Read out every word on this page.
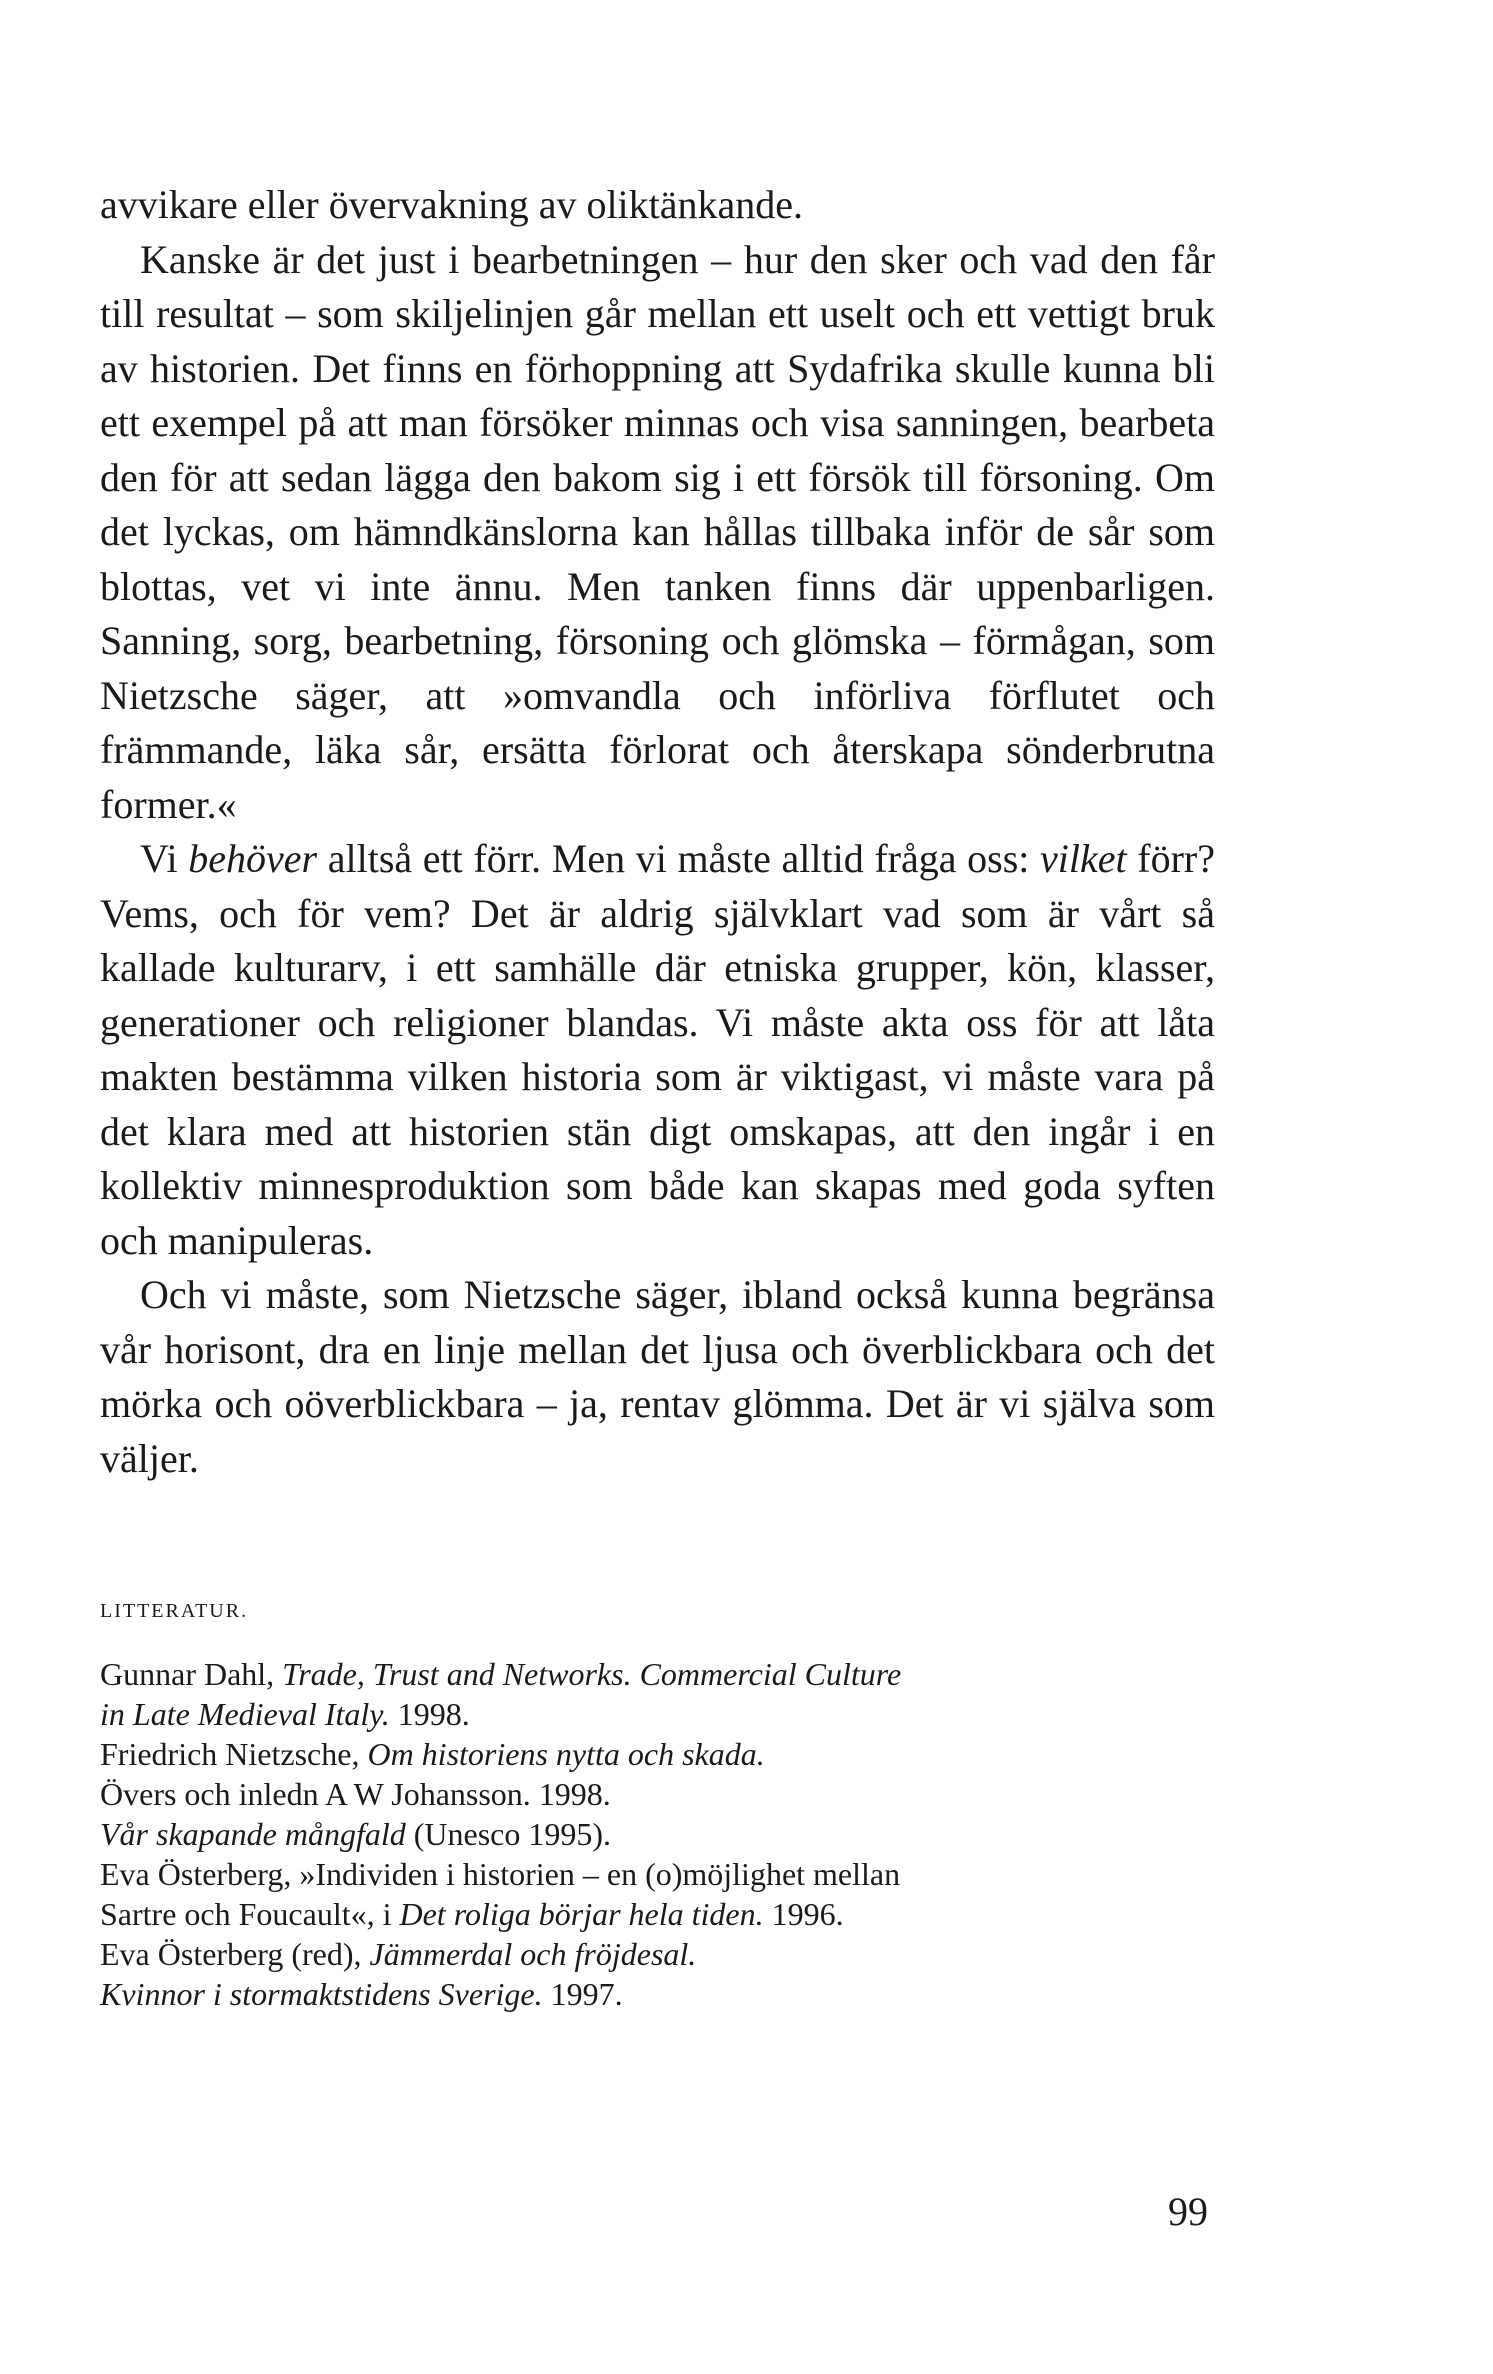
avvikare eller övervakning av oliktänkande.

Kanske är det just i bearbetningen – hur den sker och vad den får till resultat – som skiljelinjen går mellan ett uselt och ett vettigt bruk av historien. Det finns en förhoppning att Sydafrika skulle kunna bli ett exempel på att man försöker minnas och visa sanningen, bearbeta den för att sedan lägga den bakom sig i ett försök till försoning. Om det lyckas, om hämndkänslorna kan hållas tillbaka inför de sår som blottas, vet vi inte ännu. Men tanken finns där uppenbarligen. Sanning, sorg, bearbetning, försoning och glömska – förmågan, som Nietzsche säger, att »omvandla och införliva förflutet och främmande, läka sår, ersätta förlorat och återskapa sönderbrutna former.«

Vi behöver alltså ett förr. Men vi måste alltid fråga oss: vilket förr? Vems, och för vem? Det är aldrig självklart vad som är vårt så kallade kulturarv, i ett samhälle där etniska grupper, kön, klasser, generationer och religioner blandas. Vi måste akta oss för att låta makten bestämma vilken historia som är viktigast, vi måste vara på det klara med att historien stän digt omskapas, att den ingår i en kollektiv minnesproduktion som både kan skapas med goda syften och manipuleras.

Och vi måste, som Nietzsche säger, ibland också kunna begränsa vår horisont, dra en linje mellan det ljusa och överblickbara och det mörka och oöverblickbara – ja, rentav glömma. Det är vi själva som väljer.

LITTERATUR.

Gunnar Dahl, Trade, Trust and Networks. Commercial Culture

in Late Medieval Italy. 1998.

Friedrich Nietzsche, Om historiens nytta och skada.

Övers och inledn A W Johansson. 1998.

Vår skapande mångfald (Unesco 1995).

Eva Österberg, »Individen i historien – en (o)möjlighet mellan

Sartre och Foucault«, i Det roliga börjar hela tiden. 1996.

Eva Österberg (red), Jämmerdal och fröjdesal.

Kvinnor i stormaktstidens Sverige. 1997.

99
